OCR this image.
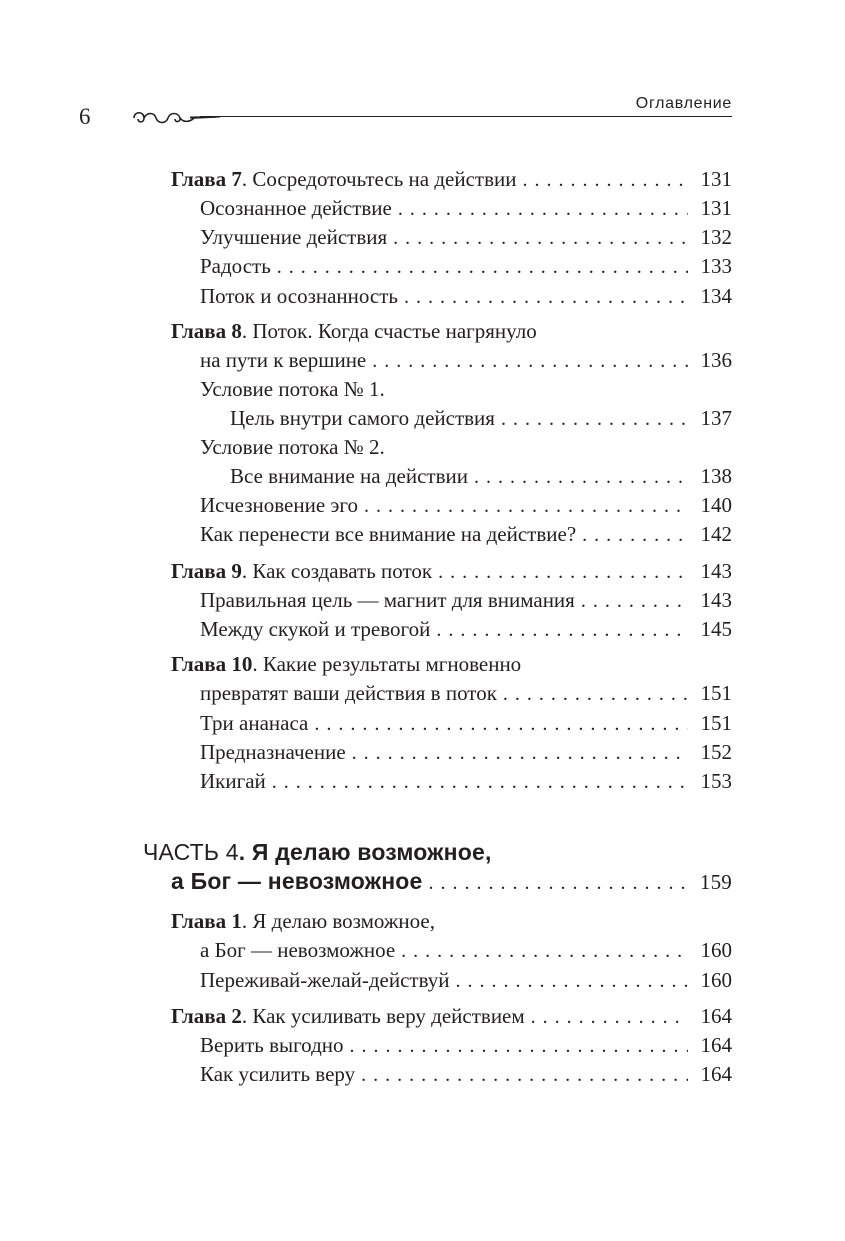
6
Оглавление
Глава 7 . Сосредоточьтесь на действии . . .	131
Осознанное действие . . .	131
Улучшение действия . . .	132
Радость . . .	133
Поток и осознанность . . .	134
Глава 8 . Поток. Когда счастье нагрянуло
на пути к вершине . . .	136
Условие потока № 1.
Цель внутри самого действия . . .	137
Условие потока № 2.
Все внимание на действии . . .	138
Исчезновение эго . . .	140
Как перенести все внимание на действие? . . .	142
Глава 9 . Как создавать поток . . .	143
Правильная цель — магнит для внимания . . .	143
Между скукой и тревогой . . .	145
Глава 10 . Какие результаты мгновенно
превратят ваши действия в поток . . .	151
Три ананаса . . .	151
Предназначение . . .	152
Икигай . . .	153
ЧАСТЬ 4 . Я делаю возможное,
а Бог — невозможное . . .	159
Глава 1 . Я делаю возможное,
а Бог — невозможное . . .	160
Переживай-желай-действуй . . .	160
Глава 2 . Как усиливать веру действием . . .	164
Верить выгодно . . .	164
Как усилить веру . . .	164
